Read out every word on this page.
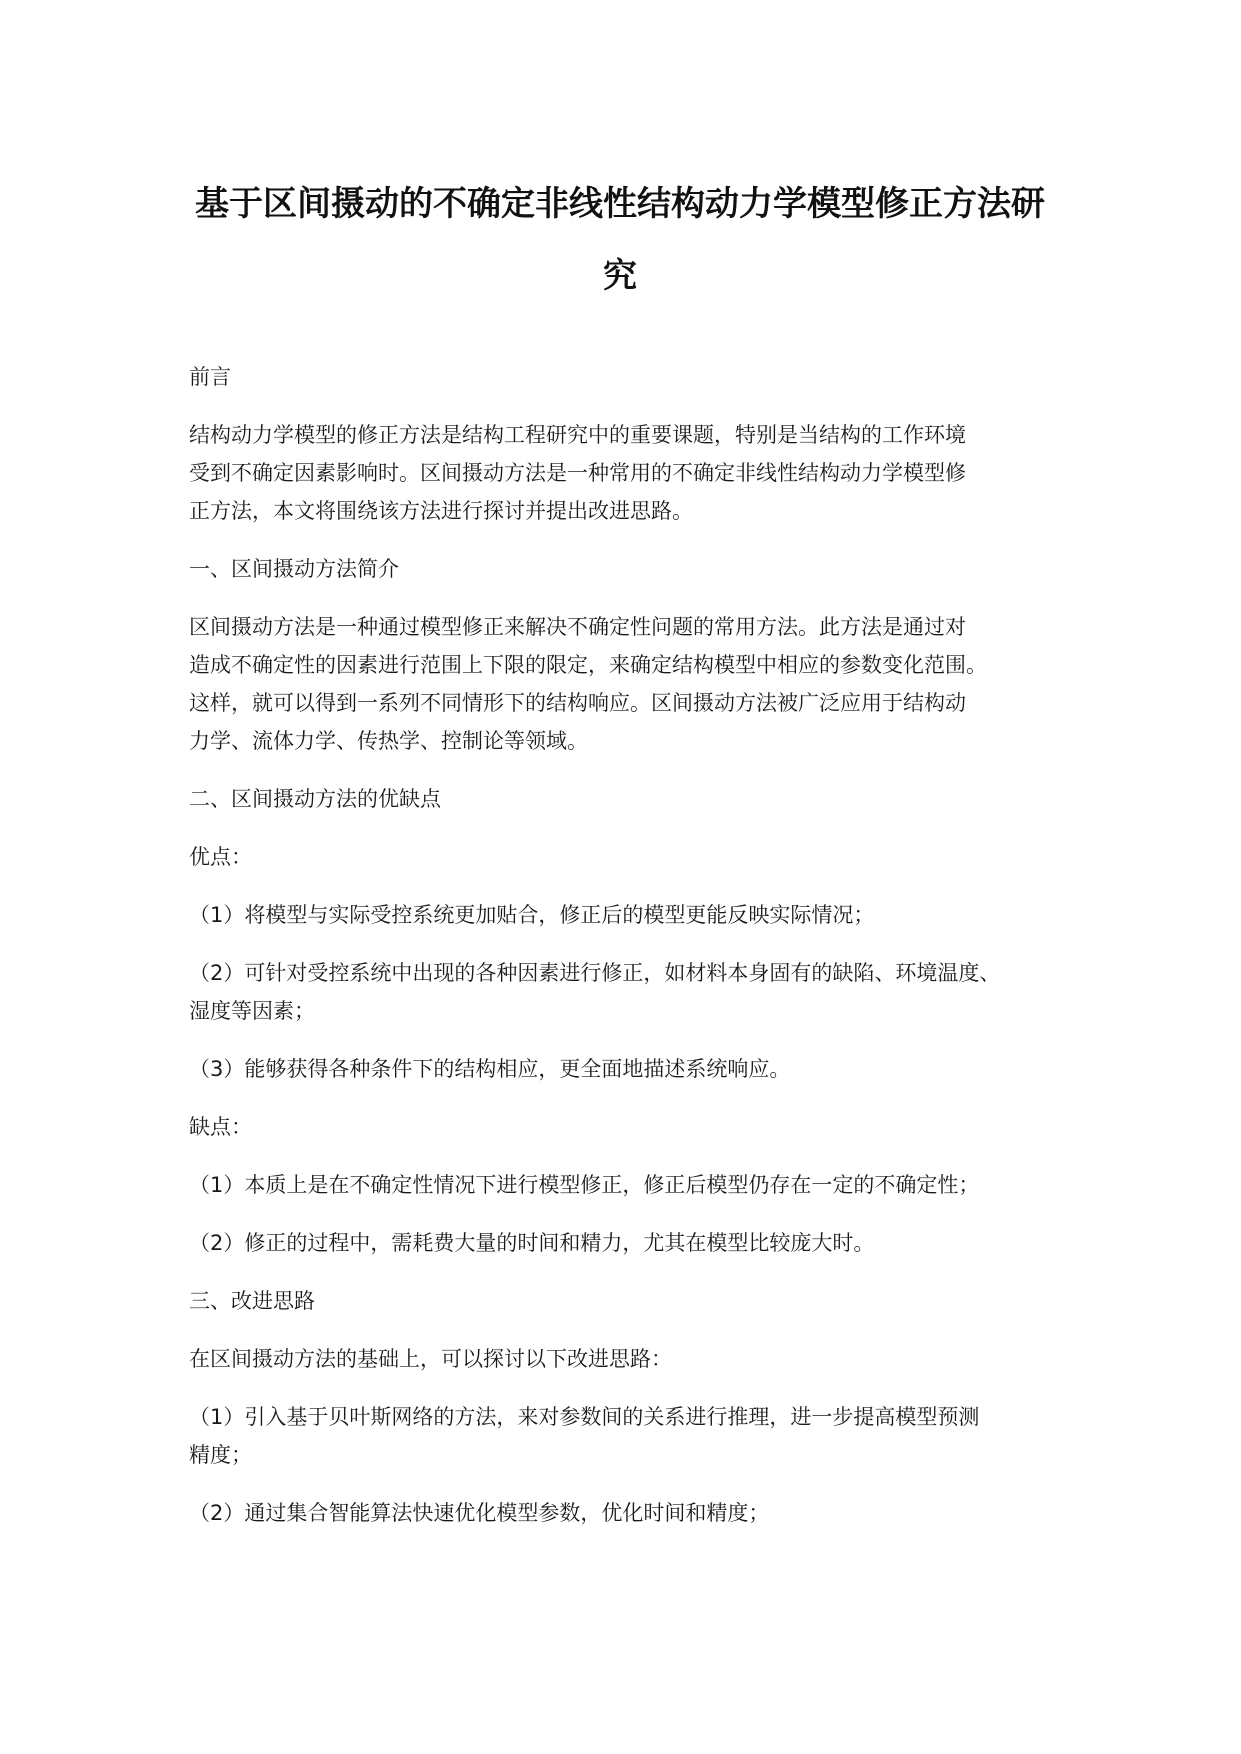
基于区间摄动的不确定非线性结构动力学模型修正方法研
究

前言

结构动力学模型的修正方法是结构工程研究中的重要课题，特别是当结构的工作环境
受到不确定因素影响时。区间摄动方法是一种常用的不确定非线性结构动力学模型修
正方法，本文将围绕该方法进行探讨并提出改进思路。

一、区间摄动方法简介

区间摄动方法是一种通过模型修正来解决不确定性问题的常用方法。此方法是通过对
造成不确定性的因素进行范围上下限的限定，来确定结构模型中相应的参数变化范围。
这样，就可以得到一系列不同情形下的结构响应。区间摄动方法被广泛应用于结构动
力学、流体力学、传热学、控制论等领域。

二、区间摄动方法的优缺点

优点：

（1）将模型与实际受控系统更加贴合，修正后的模型更能反映实际情况；

（2）可针对受控系统中出现的各种因素进行修正，如材料本身固有的缺陷、环境温度、
湿度等因素；

（3）能够获得各种条件下的结构相应，更全面地描述系统响应。

缺点：

（1）本质上是在不确定性情况下进行模型修正，修正后模型仍存在一定的不确定性；

（2）修正的过程中，需耗费大量的时间和精力，尤其在模型比较庞大时。

三、改进思路

在区间摄动方法的基础上，可以探讨以下改进思路：

（1）引入基于贝叶斯网络的方法，来对参数间的关系进行推理，进一步提高模型预测
精度；

（2）通过集合智能算法快速优化模型参数，优化时间和精度；
